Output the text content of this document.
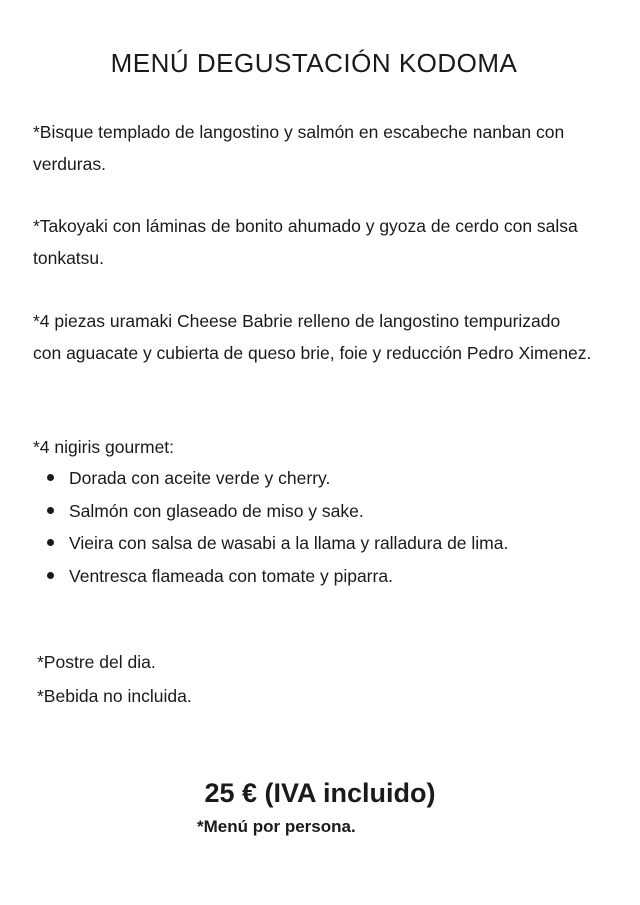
MENÚ DEGUSTACIÓN KODOMA

*Bisque templado de langostino y salmón en escabeche nanban con verduras.

*Takoyaki con láminas de bonito ahumado y gyoza de cerdo con salsa tonkatsu.

*4 piezas uramaki Cheese Babrie relleno de langostino tempurizado con aguacate y cubierta de queso brie, foie y reducción Pedro Ximenez.

*4 nigiris gourmet:

Dorada con aceite verde y cherry.
Salmón con glaseado de miso y sake.
Vieira con salsa de wasabi a la llama y ralladura de lima.
Ventresca flameada con tomate y piparra.

*Postre del dia.

*Bebida no incluida.

25 € (IVA incluido)

*Menú por persona.
